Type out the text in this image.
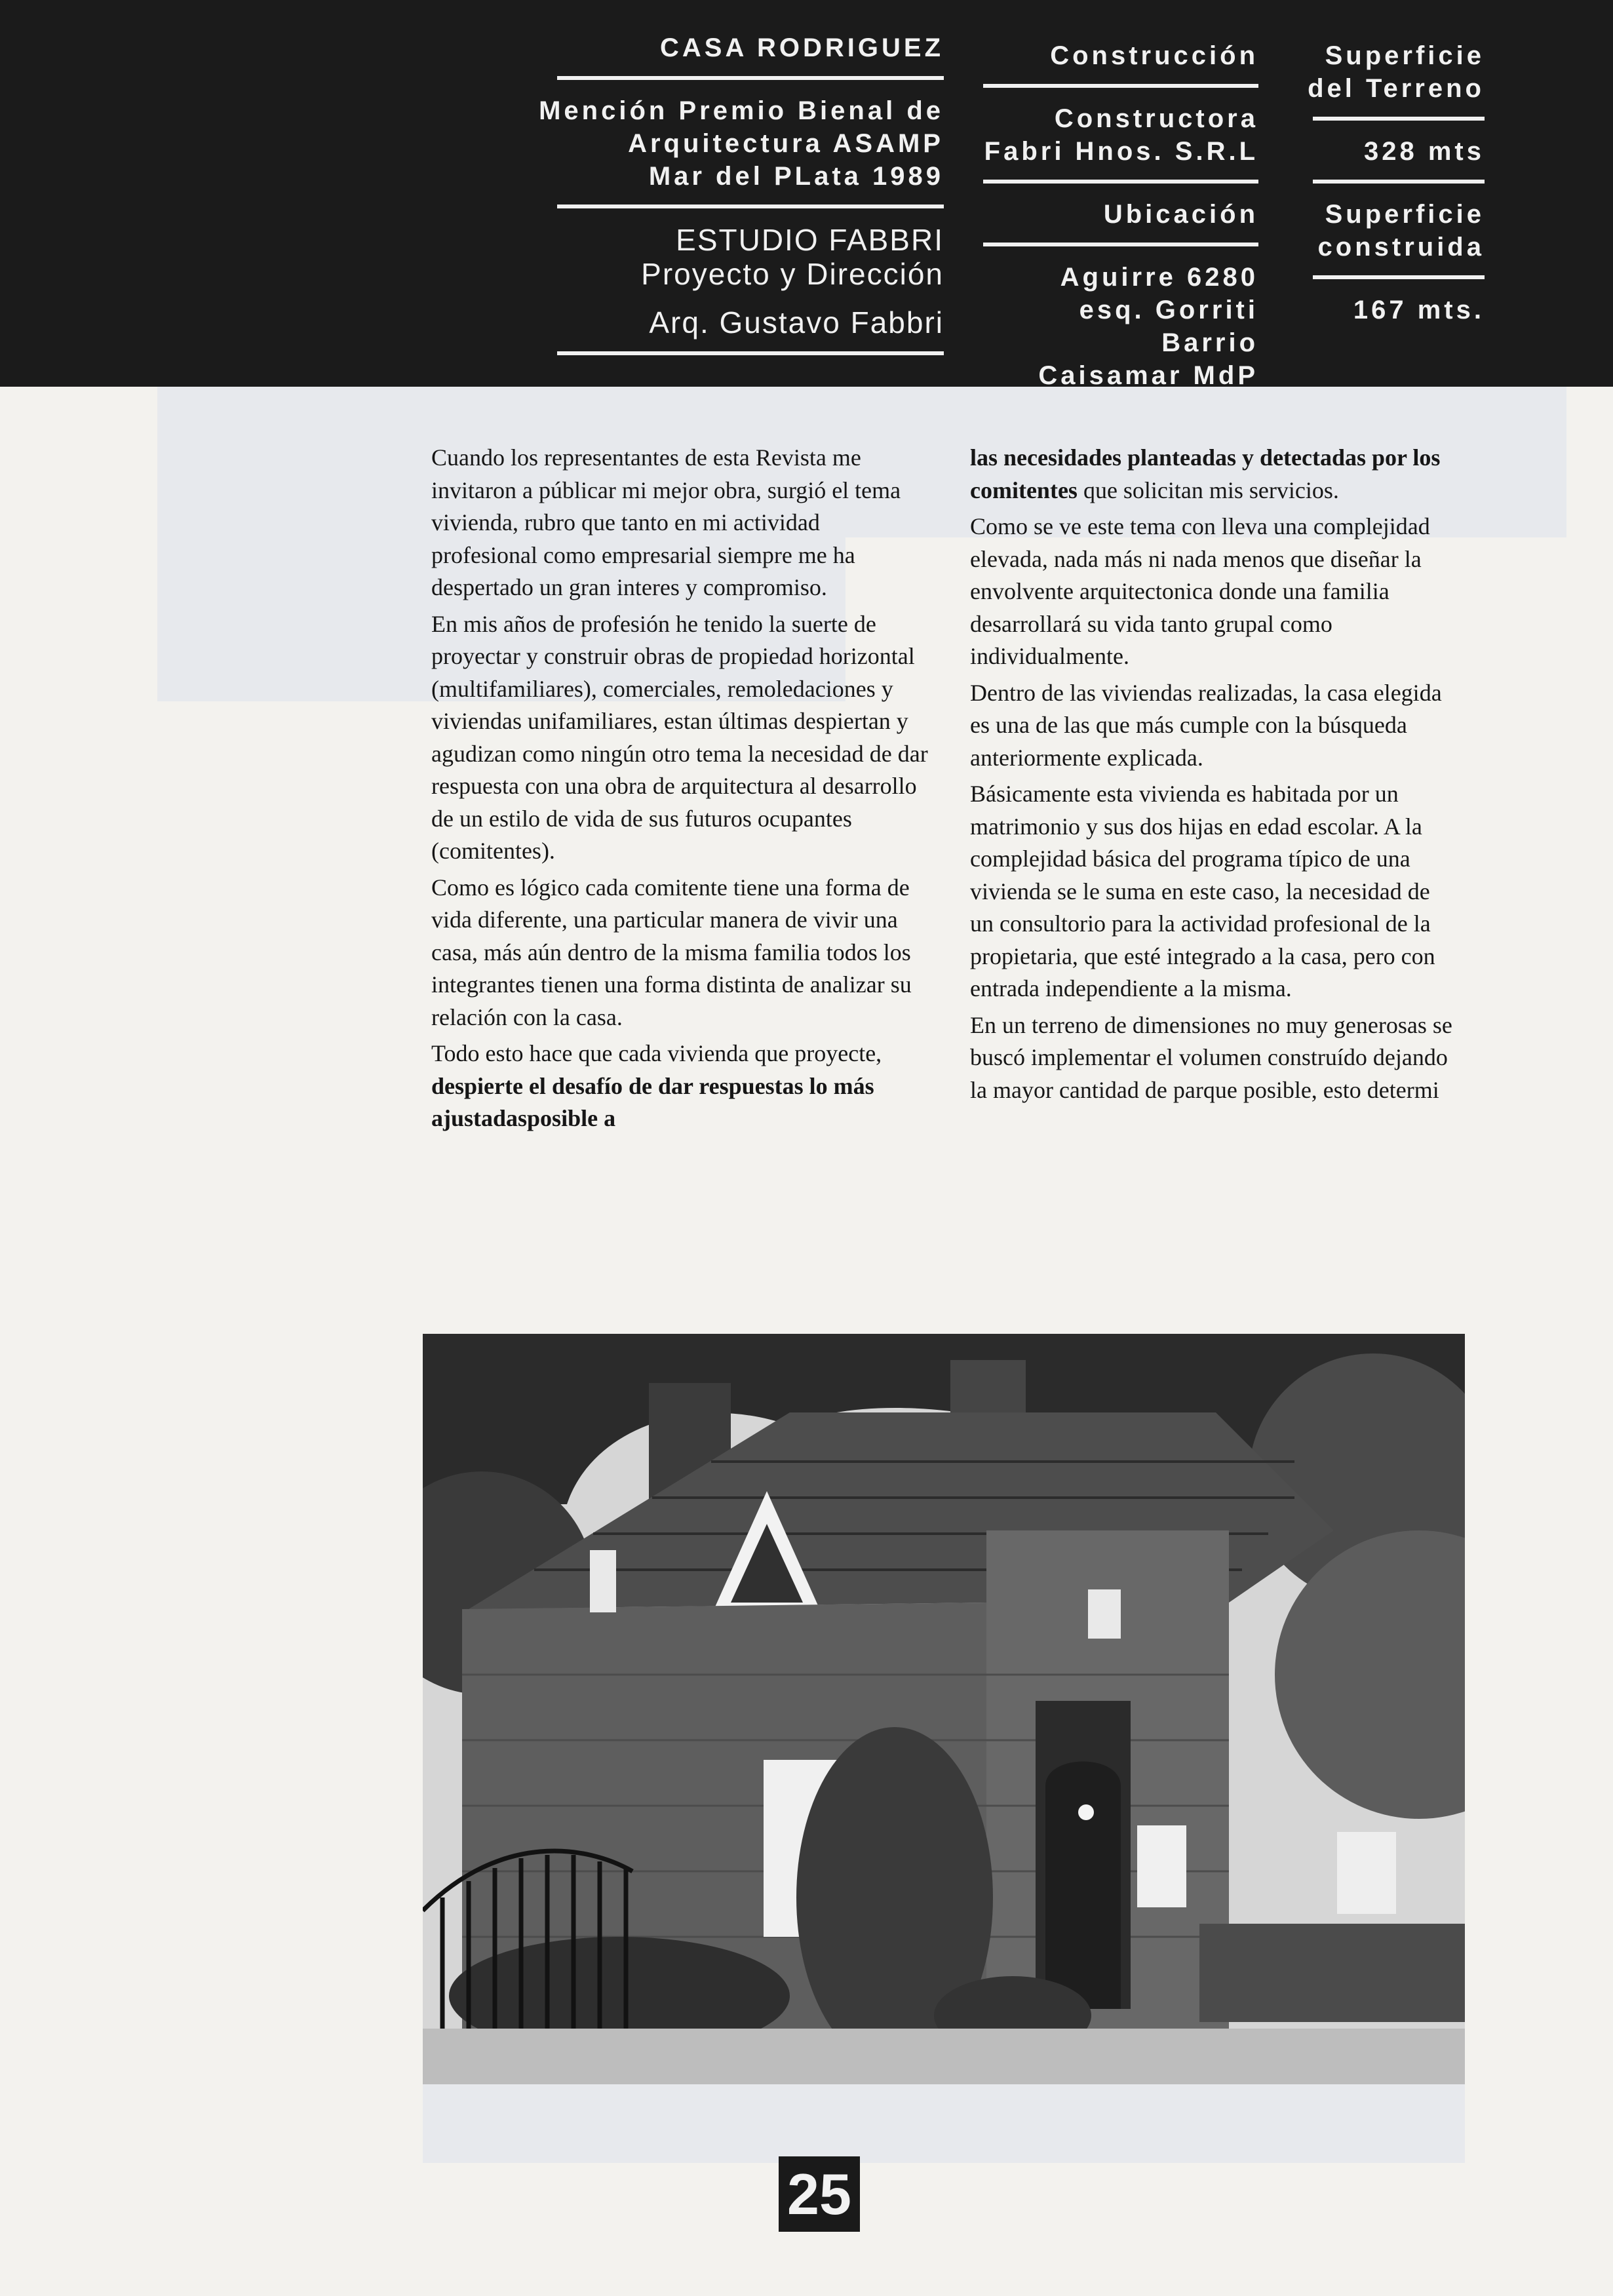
CASA RODRIGUEZ
Mención Premio Bienal de
Arquitectura ASAMP
Mar del PLata 1989
ESTUDIO FABBRI
Proyecto y Dirección
Arq. Gustavo Fabbri
Construcción
Constructora
Fabri Hnos. S.R.L
Ubicación
Aguirre 6280
esq. Gorriti Barrio
Caisamar MdP
Superficie
del Terreno
328 mts
Superficie
construida
167 mts.

Cuando los representantes de esta Revista me invitaron a públicar mi mejor obra, surgió el tema vivienda, rubro que tanto en mi actividad profesional como empresarial siempre me ha despertado un gran interes y compromiso.

En mis años de profesión he tenido la suerte de proyectar y construir obras de propiedad horizontal (multifamiliares), comerciales, remoledaciones y viviendas unifamiliares, estan últimas despiertan y agudizan como ningún otro tema la necesidad de dar respuesta con una obra de arquitectura al desarrollo de un estilo de vida de sus futuros ocupantes (comitentes).

Como es lógico cada comitente tiene una forma de vida diferente, una particular manera de vivir una casa, más aún dentro de la misma familia todos los integrantes tienen una forma distinta de analizar su relación con la casa.

Todo esto hace que cada vivienda que proyecte, despierte el desafío de dar respuestas lo más ajustadasposible a

las necesidades planteadas y detectadas por los comitentes que solicitan mis servicios.

Como se ve este tema con lleva una complejidad elevada, nada más ni nada menos que diseñar la envolvente arquitectonica donde una familia desarrollará su vida tanto grupal como individualmente.

Dentro de las viviendas realizadas, la casa elegida es una de las que más cumple con la búsqueda anteriormente explicada.

Básicamente esta vivienda es habitada por un matrimonio y sus dos hijas en edad escolar. A la complejidad básica del programa típico de una vivienda se le suma en este caso, la necesidad de un consultorio para la actividad profesional de la propietaria, que esté integrado a la casa, pero con entrada independiente a la misma.

En un terreno de dimensiones no muy generosas se buscó implementar el volumen construído dejando la mayor cantidad de parque posible, esto determi

25
